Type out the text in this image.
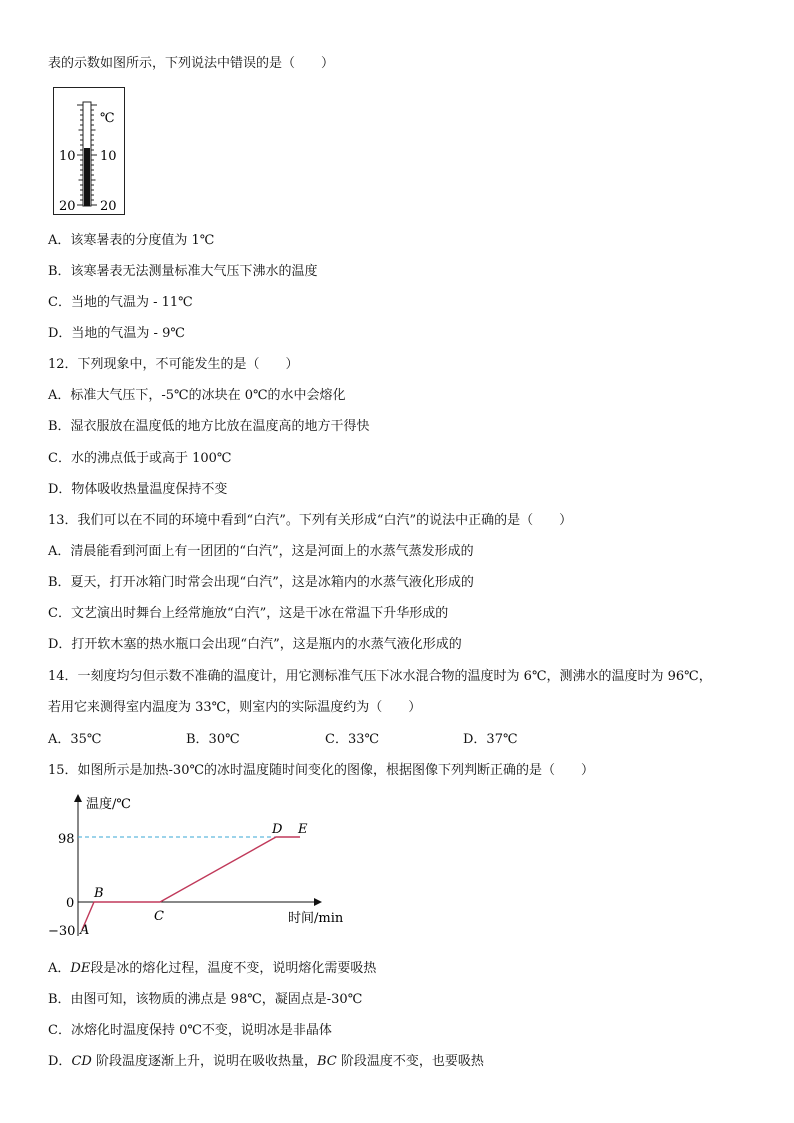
表的示数如图所示，下列说法中错误的是（　　）
℃
10 10
20 20
A．该寒暑表的分度值为 1℃
B．该寒暑表无法测量标准大气压下沸水的温度
C．当地的气温为 - 11℃
D．当地的气温为 - 9℃
12．下列现象中，不可能发生的是（　　）
A．标准大气压下，-5℃的冰块在 0℃的水中会熔化
B．湿衣服放在温度低的地方比放在温度高的地方干得快
C．水的沸点低于或高于 100℃
D．物体吸收热量温度保持不变
13．我们可以在不同的环境中看到“白汽”。下列有关形成“白汽”的说法中正确的是（　　）
A．清晨能看到河面上有一团团的“白汽”，这是河面上的水蒸气蒸发形成的
B．夏天，打开冰箱门时常会出现“白汽”，这是冰箱内的水蒸气液化形成的
C．文艺演出时舞台上经常施放“白汽”，这是干冰在常温下升华形成的
D．打开软木塞的热水瓶口会出现“白汽”，这是瓶内的水蒸气液化形成的
14．一刻度均匀但示数不准确的温度计，用它测标准气压下冰水混合物的温度时为 6℃，测沸水的温度时为 96℃，
若用它来测得室内温度为 33℃，则室内的实际温度约为（　　）
A．35℃	B．30℃	C．33℃	D．37℃
15．如图所示是加热-30℃的冰时温度随时间变化的图像，根据图像下列判断正确的是（　　）
温度/℃
时间/min
98
0
−30 A
B
C
D E
A．DE段是冰的熔化过程，温度不变，说明熔化需要吸热
B．由图可知，该物质的沸点是 98℃，凝固点是-30℃
C．冰熔化时温度保持 0℃不变，说明冰是非晶体
D．CD 阶段温度逐渐上升，说明在吸收热量，BC 阶段温度不变，也要吸热
